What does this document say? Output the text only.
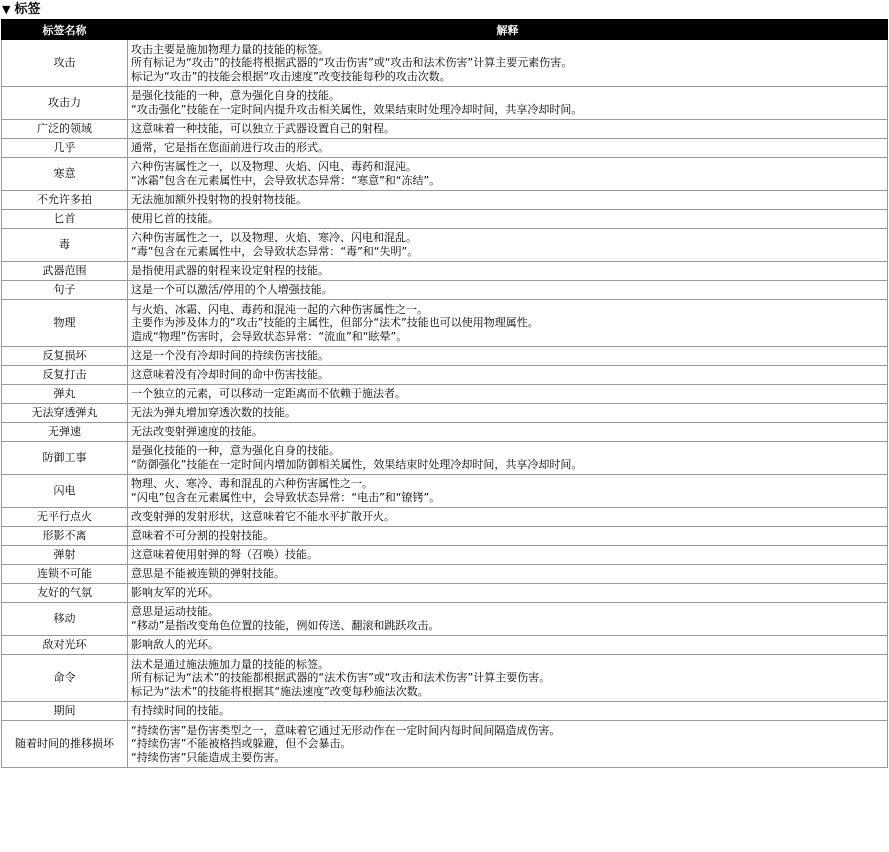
▼ 标签
标签名称	解释
攻击	攻击主要是施加物理力量的技能的标签。
所有标记为“攻击”的技能将根据武器的“攻击伤害”或“攻击和法术伤害”计算主要元素伤害。
标记为“攻击”的技能会根据“攻击速度”改变技能每秒的攻击次数。

攻击力	是强化技能的一种，意为强化自身的技能。
“攻击强化”技能在一定时间内提升攻击相关属性，效果结束时处理冷却时间，共享冷却时间。

广泛的领域	这意味着一种技能，可以独立于武器设置自己的射程。

几乎	通常，它是指在您面前进行攻击的形式。

寒意	六种伤害属性之一，以及物理、火焰、闪电、毒药和混沌。
“冰霜”包含在元素属性中，会导致状态异常：“寒意”和“冻结”。

不允许多拍	无法施加额外投射物的投射物技能。

匕首	使用匕首的技能。

毒	六种伤害属性之一，以及物理、火焰、寒冷、闪电和混乱。
“毒”包含在元素属性中，会导致状态异常：“毒”和“失明”。

武器范围	是指使用武器的射程来设定射程的技能。

句子	这是一个可以激活/停用的个人增强技能。

物理	与火焰、冰霜、闪电、毒药和混沌一起的六种伤害属性之一。
主要作为涉及体力的“攻击”技能的主属性，但部分“法术”技能也可以使用物理属性。
造成“物理”伤害时，会导致状态异常：“流血”和“眩晕”。

反复损坏	这是一个没有冷却时间的持续伤害技能。

反复打击	这意味着没有冷却时间的命中伤害技能。

弹丸	一个独立的元素，可以移动一定距离而不依赖于施法者。

无法穿透弹丸	无法为弹丸增加穿透次数的技能。

无弹速	无法改变射弹速度的技能。

防御工事	是强化技能的一种，意为强化自身的技能。
“防御强化”技能在一定时间内增加防御相关属性，效果结束时处理冷却时间，共享冷却时间。

闪电	物理、火、寒冷、毒和混乱的六种伤害属性之一。
“闪电”包含在元素属性中，会导致状态异常：“电击”和“镣铐”。

无平行点火	改变射弹的发射形状，这意味着它不能水平扩散开火。

形影不离	意味着不可分割的投射技能。

弹射	这意味着使用射弹的弩（召唤）技能。

连锁不可能	意思是不能被连锁的弹射技能。

友好的气氛	影响友军的光环。

移动	意思是运动技能。
“移动”是指改变角色位置的技能，例如传送、翻滚和跳跃攻击。

敌对光环	影响敌人的光环。

命令	法术是通过施法施加力量的技能的标签。
所有标记为“法术”的技能都根据武器的“法术伤害”或“攻击和法术伤害”计算主要伤害。
标记为“法术”的技能将根据其“施法速度”改变每秒施法次数。

期间	有持续时间的技能。

随着时间的推移损坏	“持续伤害”是伤害类型之一，意味着它通过无形动作在一定时间内每时间间隔造成伤害。
“持续伤害”不能被格挡或躲避，但不会暴击。
“持续伤害”只能造成主要伤害。
